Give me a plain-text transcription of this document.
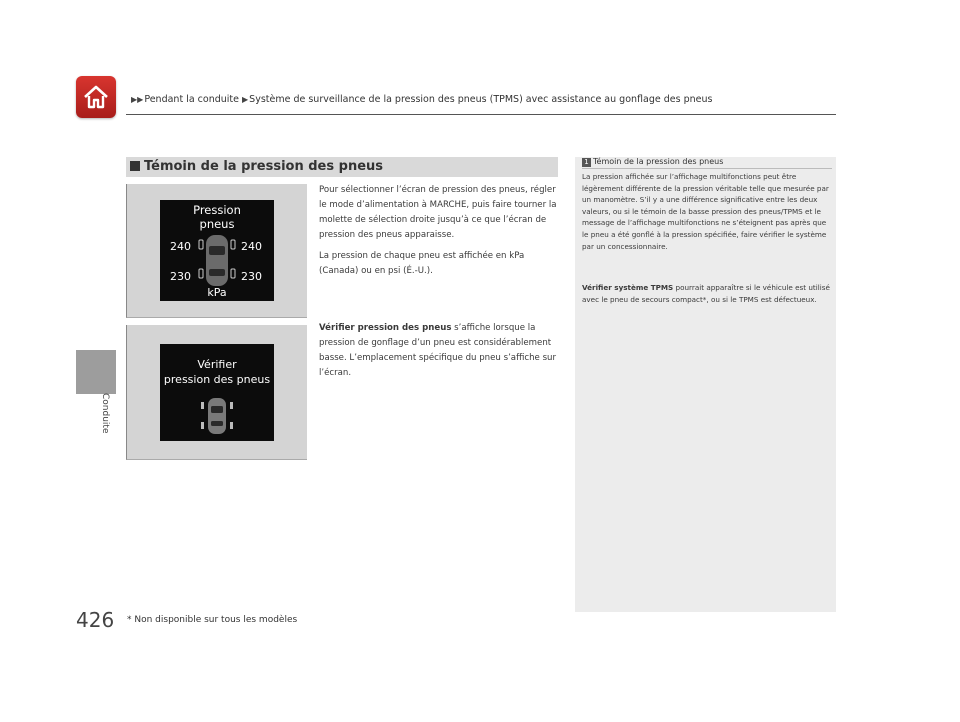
▶▶Pendant la conduite ▶Système de surveillance de la pression des pneus (TPMS) avec assistance au gonflage des pneus
Conduite
Témoin de la pression des pneus
Pression
pneus
240	240
230	230
kPa
Vérifier
pression des pneus
Pour sélectionner l’écran de pression des pneus, régler le mode d’alimentation à MARCHE, puis faire tourner la molette de sélection droite jusqu’à ce que l’écran de pression des pneus apparaisse.
La pression de chaque pneu est affichée en kPa (Canada) ou en psi (É.-U.).
Vérifier pression des pneus s’affiche lorsque la pression de gonflage d’un pneu est considérablement basse. L’emplacement spécifique du pneu s’affiche sur l’écran.
1 Témoin de la pression des pneus
La pression affichée sur l’affichage multifonctions peut être légèrement différente de la pression véritable telle que mesurée par un manomètre. S’il y a une différence significative entre les deux valeurs, ou si le témoin de la basse pression des pneus/TPMS et le message de l’affichage multifonctions ne s’éteignent pas après que le pneu a été gonflé à la pression spécifiée, faire vérifier le système par un concessionnaire.
Vérifier système TPMS pourrait apparaître si le véhicule est utilisé avec le pneu de secours compact*, ou si le TPMS est défectueux.
426 * Non disponible sur tous les modèles
